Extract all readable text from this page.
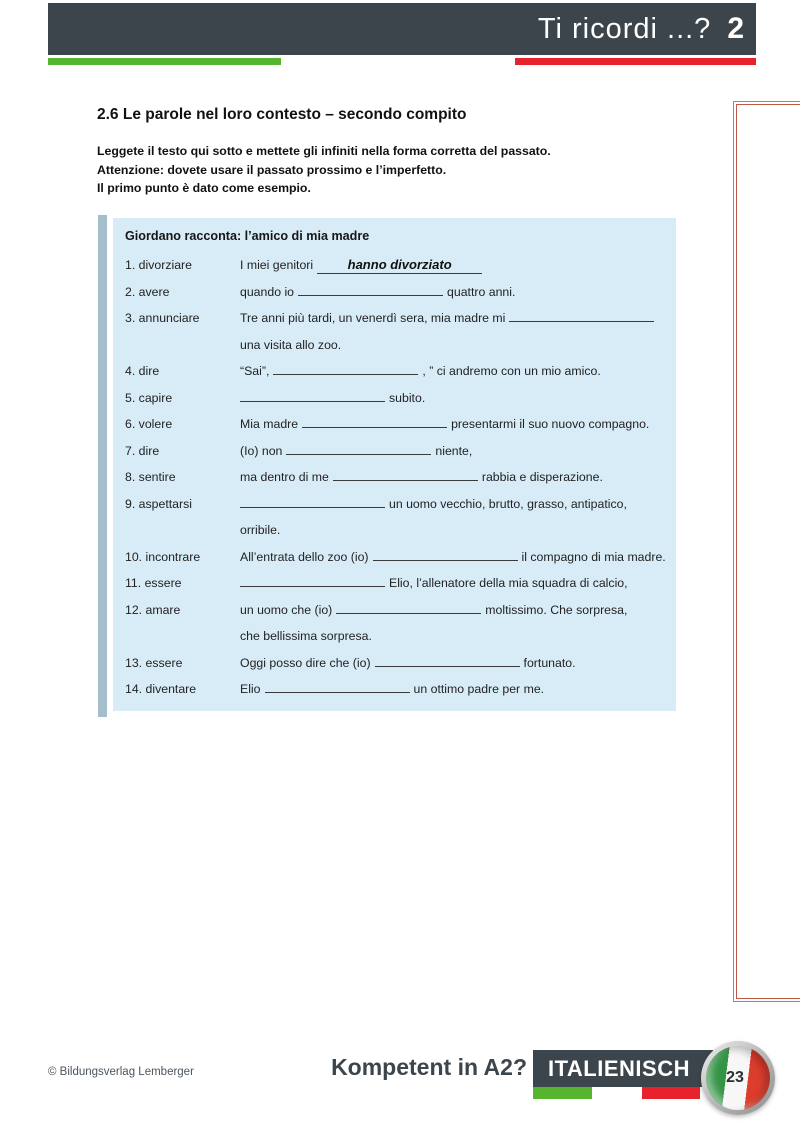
Ti ricordi ...? 2
2.6 Le parole nel loro contesto – secondo compito
Leggete il testo qui sotto e mettete gli infiniti nella forma corretta del passato.
Attenzione: dovete usare il passato prossimo e l’imperfetto.
Il primo punto è dato come esempio.
Giordano racconta: l’amico di mia madre
1. divorziare	I miei genitori	hanno divorziato
2. avere	quando io	quattro anni.
3. annunciare	Tre anni più tardi, un venerdì sera, mia madre mi
una visita allo zoo.
4. dire	“Sai”,	, ” ci andremo con un mio amico.
5. capire	subito.
6. volere	Mia madre	presentarmi il suo nuovo compagno.
7. dire	(Io) non	niente,
8. sentire	ma dentro di me	rabbia e disperazione.
9. aspettarsi	un uomo vecchio, brutto, grasso, antipatico,
orribile.
10. incontrare	All’entrata dello zoo (io)	il compagno di mia madre.
11. essere	Elio, l’allenatore della mia squadra di calcio,
12. amare	un uomo che (io)	moltissimo. Che sorpresa,
che bellissima sorpresa.
13. essere	Oggi posso dire che (io)	fortunato.
14. diventare	Elio	un ottimo padre per me.
© Bildungsverlag Lemberger	Kompetent in A2? ITALIENISCH	23
